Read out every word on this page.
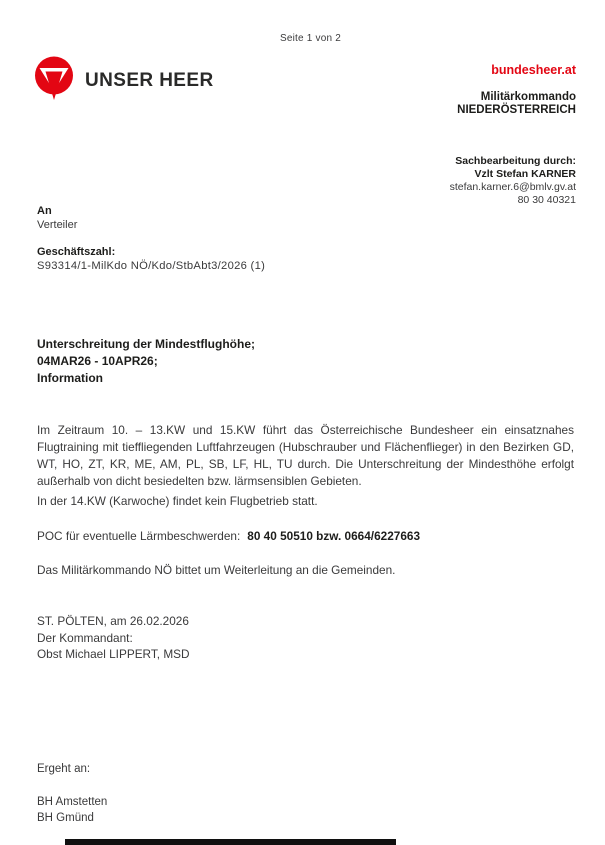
Seite 1 von 2
UNSER HEER	bundesheer.at
Militärkommando
NIEDERÖSTERREICH
Sachbearbeitung durch:
Vzlt Stefan KARNER
stefan.karner.6@bmlv.gv.at
80 30 40321
An
Verteiler
Geschäftszahl:
S93314/1-MilKdo NÖ/Kdo/StbAbt3/2026 (1)
Unterschreitung der Mindestflughöhe;
04MAR26 - 10APR26;
Information

Im Zeitraum 10. – 13.KW und 15.KW führt das Österreichische Bundesheer ein einsatznahes Flugtraining mit tieffliegenden Luftfahrzeugen (Hubschrauber und Flächenflieger) in den Bezirken GD, WT, HO, ZT, KR, ME, AM, PL, SB, LF, HL, TU durch. Die Unterschreitung der Mindesthöhe erfolgt außerhalb von dicht besiedelten bzw. lärmsensiblen Gebieten.

In der 14.KW (Karwoche) findet kein Flugbetrieb statt.

POC für eventuelle Lärmbeschwerden: 80 40 50510 bzw. 0664/6227663

Das Militärkommando NÖ bittet um Weiterleitung an die Gemeinden.

ST. PÖLTEN, am 26.02.2026
Der Kommandant:
Obst Michael LIPPERT, MSD
Ergeht an:
BH Amstetten
BH Gmünd
